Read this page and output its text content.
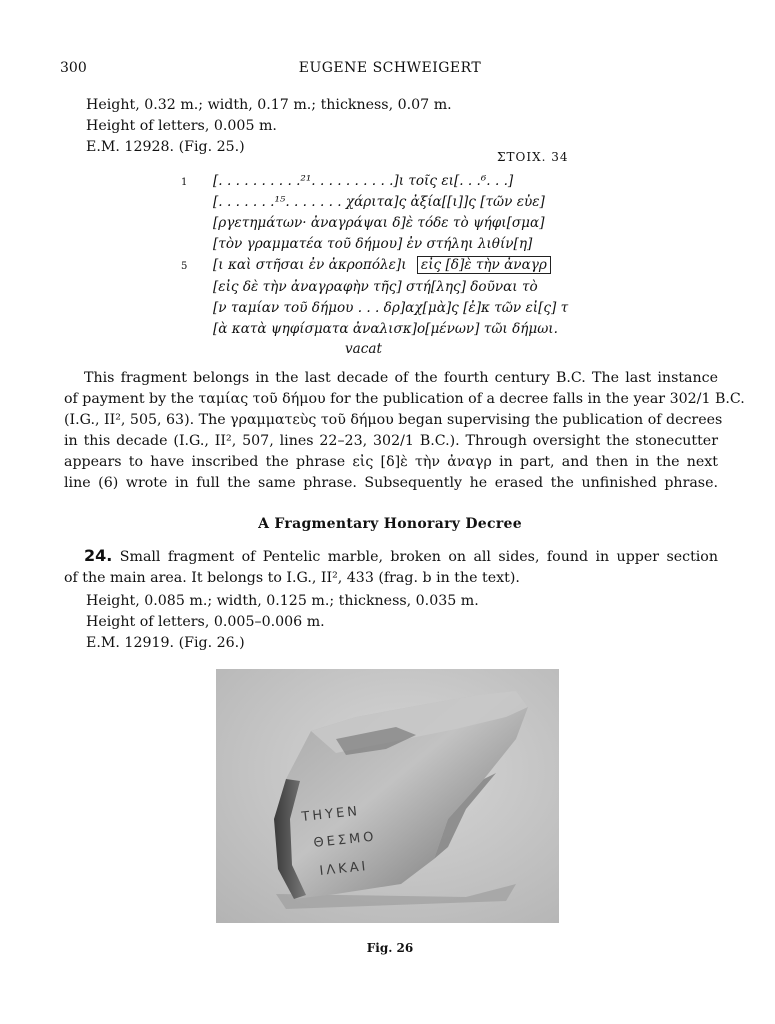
300	EUGENE SCHWEIGERT
Height, 0.32 m.; width, 0.17 m.; thickness, 0.07 m.
Height of letters, 0.005 m.
E.M. 12928. (Fig. 25.)
ΣΤΟΙΧ. 34
1
5
[. . . . . . . . . .²¹. . . . . . . . . .]ι τοῖς ει[. . .⁶. . .]
[. . . . . . .¹⁵. . . . . . . χάριτα]ς ἀξία[[ι]]ς [τῶν εὐε]
[ργετημάτων· ἀναγράψαι δ]ὲ τόδε τὸ ψήφι[σμα]
[τὸν γραμματέα τοῦ δήμου] ἐν στήληι λιθίν[η]
[ι καὶ στῆσαι ἐν ἀκροπόλε]ι εἰς [δ]ὲ τὴν ἀναγρ
[εἰς δὲ τὴν ἀναγραφὴν τῆς] στή[λης] δοῦναι τὸ
[ν ταμίαν τοῦ δήμου . . . δρ]αχ[μὰ]ς [ἐ]κ τῶν εἰ[ς] τ
[ὰ κατὰ ψηφίσματα ἀναλισκ]ο[μένων] τῶι δήμωι.
vacat
This fragment belongs in the last decade of the fourth century B.C. The last instance
of payment by the ταμίας τοῦ δήμου for the publication of a decree falls in the year 302/1 B.C.
(I.G., II², 505, 63). The γραμματεὺς τοῦ δήμου began supervising the publication of decrees
in this decade (I.G., II², 507, lines 22–23, 302/1 B.C.). Through oversight the stonecutter
appears to have inscribed the phrase εἰς [δ]ὲ τὴν ἀναγρ in part, and then in the next
line (6) wrote in full the same phrase. Subsequently he erased the unfinished phrase.
A Fragmentary Honorary Decree
24. Small fragment of Pentelic marble, broken on all sides, found in upper section
of the main area. It belongs to I.G., II², 433 (frag. b in the text).
Height, 0.085 m.; width, 0.125 m.; thickness, 0.035 m.
Height of letters, 0.005–0.006 m.
E.M. 12919. (Fig. 26.)
ΤΗΥΕΝ
ΘΕΣΜΟ
ΙΛΚΑΙ
Fig. 26
